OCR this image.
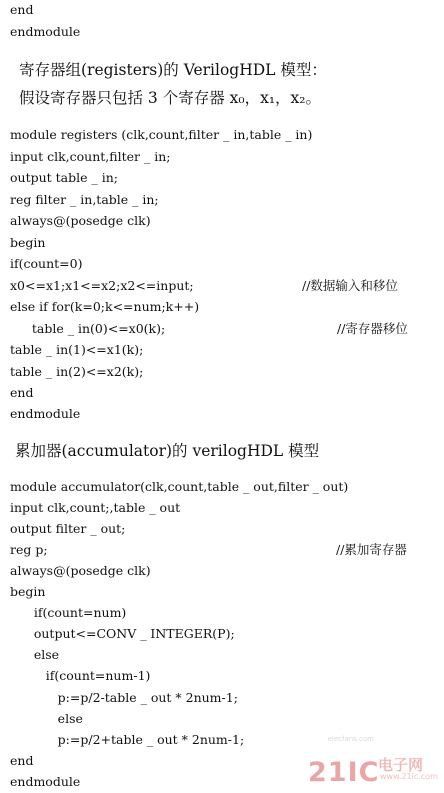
end
endmodule
寄存器组(registers)的 VerilogHDL 模型：
假设寄存器只包括 3 个寄存器 x₀，x₁，x₂。
module registers (clk,count,filter _ in,table _ in)
input clk,count,filter _ in;
output table _ in;
reg filter _ in,table _ in;
always@(posedge clk)
begin
if(count=0)
x0<=x1;x1<=x2;x2<=input;	//数据输入和移位
else if for(k=0;k<=num;k++)
table _ in(0)<=x0(k);	//寄存器移位
table _ in(1)<=x1(k);
table _ in(2)<=x2(k);
end
endmodule
累加器(accumulator)的 verilogHDL 模型
module accumulator(clk,count,table _ out,filter _ out)
input clk,count;,table _ out
output filter _ out;
reg p;	//累加寄存器
always@(posedge clk)
begin
if(count=num)
output<=CONV _ INTEGER(P);
else
if(count=num-1)
p:=p/2-table _ out * 2num-1;
else
p:=p/2+table _ out * 2num-1;
end
endmodule
elecfans.com
21IC
电子网
www.21ic.com
